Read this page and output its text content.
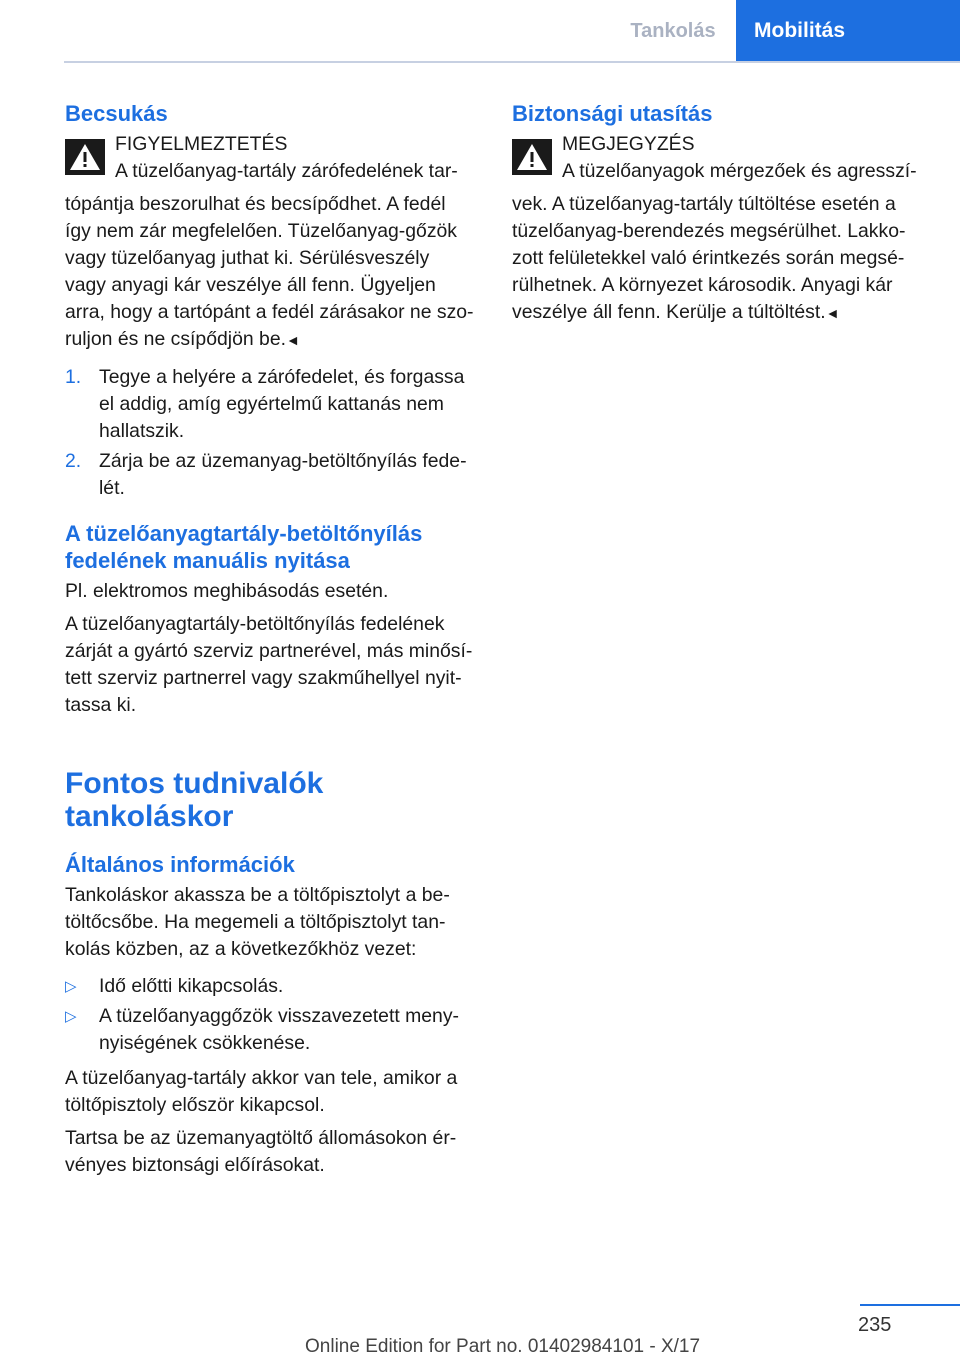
Tankolás	Mobilitás
Becsukás

FIGYELMEZTETÉS

A tüzelőanyag-tartály zárófedelének tar-

tópántja beszorulhat és becsípődhet. A fedél így nem zár megfelelően. Tüzelőanyag-gőzök vagy tüzelőanyag juthat ki. Sérülésveszély vagy anyagi kár veszélye áll fenn. Ügyeljen arra, hogy a tartópánt a fedél zárásakor ne szo-ruljon és ne csípődjön be.◄

1. Tegye a helyére a zárófedelet, és forgassa el addig, amíg egyértelmű kattanás nem hallatszik.
2. Zárja be az üzemanyag-betöltőnyílás fede-lét.
A tüzelőanyagtartály-betöltőnyílás fedelének manuális nyitása

Pl. elektromos meghibásodás esetén.

A tüzelőanyagtartály-betöltőnyílás fedelének zárját a gyártó szerviz partnerével, más minősí-tett szerviz partnerrel vagy szakműhellyel nyit-tassa ki.

Fontos tudnivalók
tankoláskor
Általános információk

Tankoláskor akassza be a töltőpisztolyt a be-töltőcsőbe. Ha megemeli a töltőpisztolyt tan-kolás közben, az a következőkhöz vezet:

▷ Idő előtti kikapcsolás.
▷ A tüzelőanyaggőzök visszavezetett meny-nyiségének csökkenése.

A tüzelőanyag-tartály akkor van tele, amikor a töltőpisztoly először kikapcsol.

Tartsa be az üzemanyagtöltő állomásokon ér-vényes biztonsági előírásokat.

Biztonsági utasítás

MEGJEGYZÉS

A tüzelőanyagok mérgezőek és agresszí-

vek. A tüzelőanyag-tartály túltöltése esetén a tüzelőanyag-berendezés megsérülhet. Lakko-zott felületekkel való érintkezés során megsé-rülhetnek. A környezet károsodik. Anyagi kár veszélye áll fenn. Kerülje a túltöltést.◄

235
Online Edition for Part no. 01402984101 - X/17
